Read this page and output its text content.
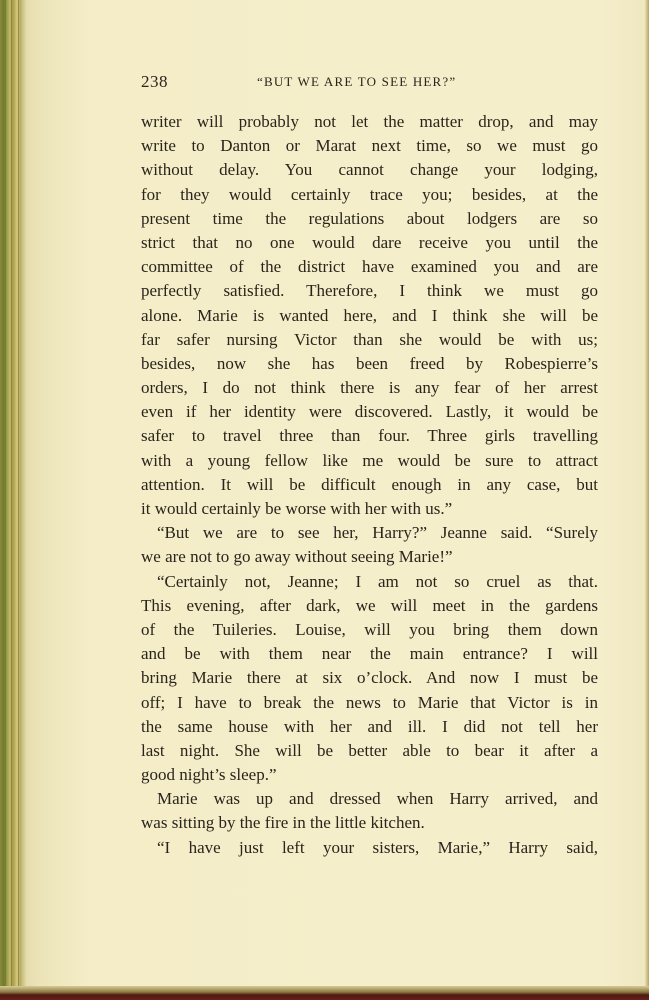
238	“BUT WE ARE TO SEE HER?”
writer will probably not let the matter drop, and may
write to Danton or Marat next time, so we must go
without delay. You cannot change your lodging,
for they would certainly trace you; besides, at the
present time the regulations about lodgers are so
strict that no one would dare receive you until the
committee of the district have examined you and are
perfectly satisfied. Therefore, I think we must go
alone. Marie is wanted here, and I think she will be
far safer nursing Victor than she would be with us;
besides, now she has been freed by Robespierre’s
orders, I do not think there is any fear of her arrest
even if her identity were discovered. Lastly, it would be
safer to travel three than four. Three girls travelling
with a young fellow like me would be sure to attract
attention. It will be difficult enough in any case, but
it would certainly be worse with her with us.”
“But we are to see her, Harry?” Jeanne said. “Surely
we are not to go away without seeing Marie!”
“Certainly not, Jeanne; I am not so cruel as that.
This evening, after dark, we will meet in the gardens
of the Tuileries. Louise, will you bring them down
and be with them near the main entrance? I will
bring Marie there at six o’clock. And now I must be
off; I have to break the news to Marie that Victor is in
the same house with her and ill. I did not tell her
last night. She will be better able to bear it after a
good night’s sleep.”
Marie was up and dressed when Harry arrived, and
was sitting by the fire in the little kitchen.
“I have just left your sisters, Marie,” Harry said,
